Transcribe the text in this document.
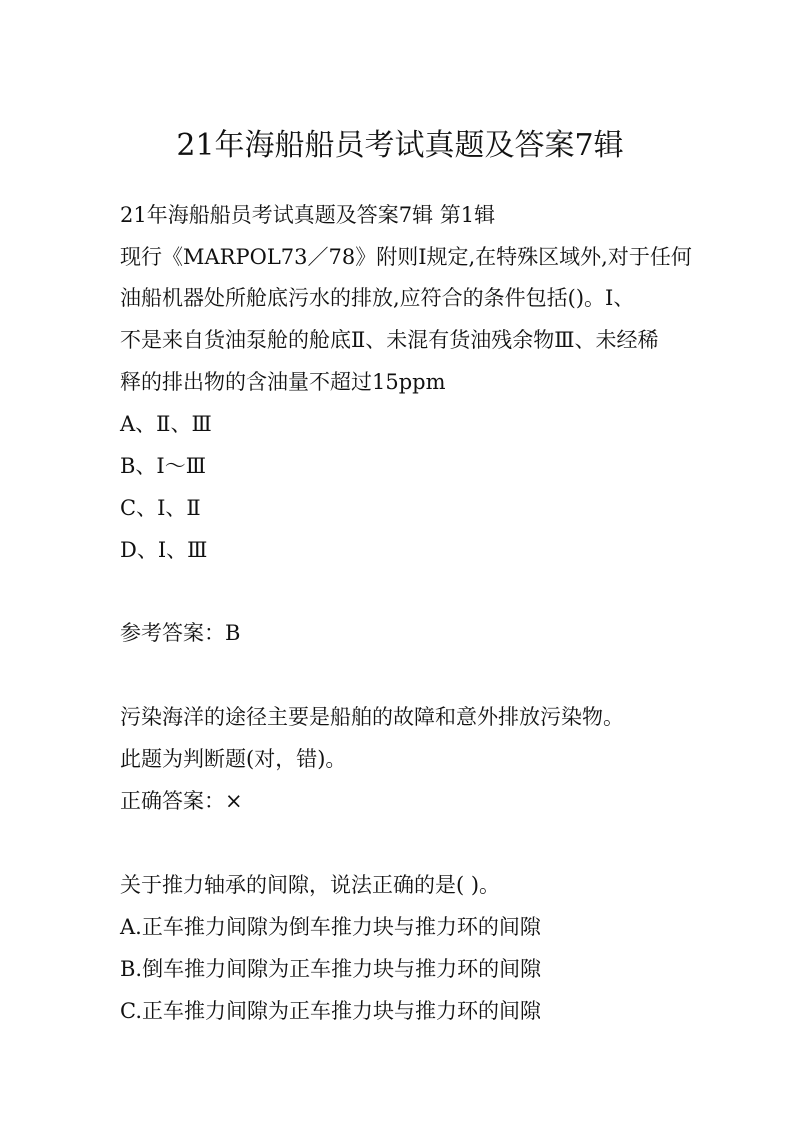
21年海船船员考试真题及答案7辑
21年海船船员考试真题及答案7辑 第1辑
现行《MARPOL73／78》附则Ⅰ规定,在特殊区域外,对于任何
油船机器处所舱底污水的排放,应符合的条件包括()。Ⅰ、
不是来自货油泵舱的舱底Ⅱ、未混有货油残余物Ⅲ、未经稀
释的排出物的含油量不超过15ppm
A、Ⅱ、Ⅲ
B、Ⅰ～Ⅲ
C、Ⅰ、Ⅱ
D、Ⅰ、Ⅲ
参考答案：B
污染海洋的途径主要是船舶的故障和意外排放污染物。
此题为判断题(对，错)。
正确答案：×
关于推力轴承的间隙，说法正确的是( )。
A.正车推力间隙为倒车推力块与推力环的间隙
B.倒车推力间隙为正车推力块与推力环的间隙
C.正车推力间隙为正车推力块与推力环的间隙
